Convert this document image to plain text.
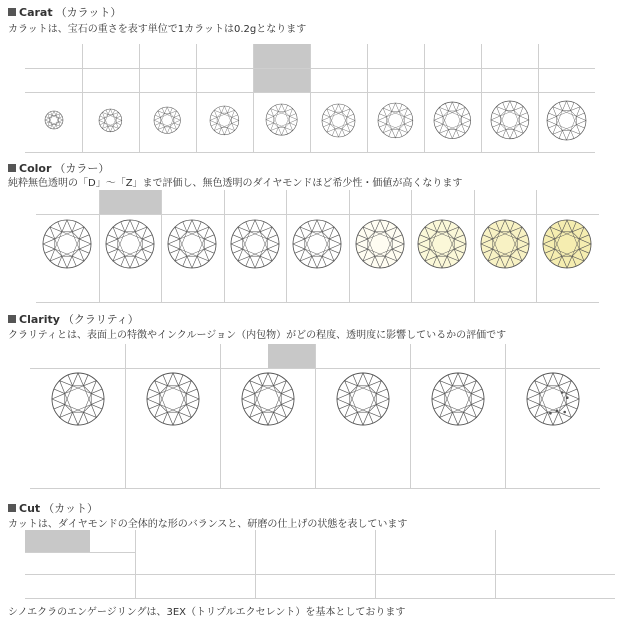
Carat （カラット）
カラットは、宝石の重さを表す単位で1カラットは0.2gとなります
Color （カラー）
純粋無色透明の「D」～「Z」まで評価し、無色透明のダイヤモンドほど希少性・価値が高くなります
Clarity （クラリティ）
クラリティとは、表面上の特徴やインクルージョン（内包物）がどの程度、透明度に影響しているかの評価です
Cut （カット）
カットは、ダイヤモンドの全体的な形のバランスと、研磨の仕上げの状態を表しています
シノエクラのエンゲージリングは、3EX（トリプルエクセレント）を基本としております
